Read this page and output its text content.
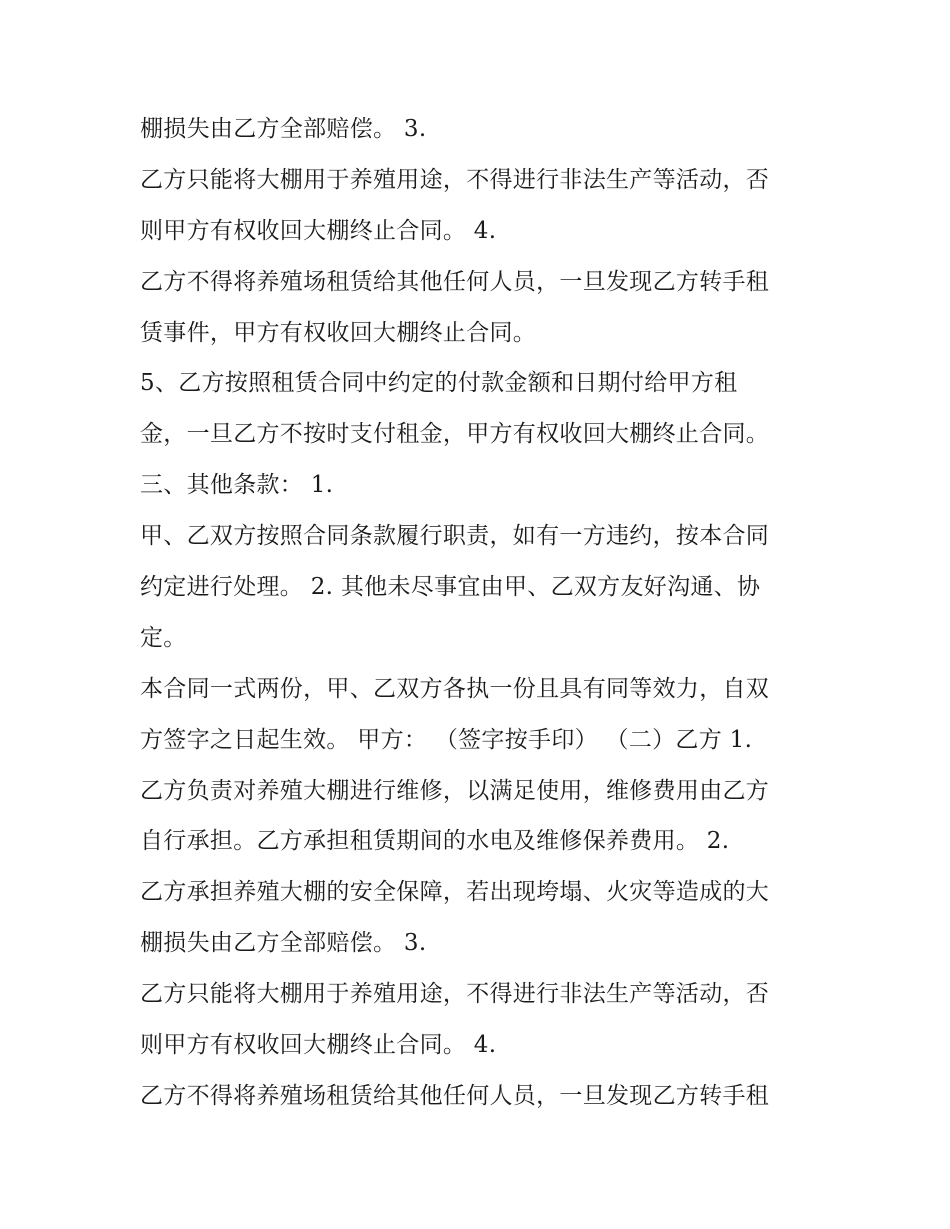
棚损失由乙方全部赔偿。 3.
乙方只能将大棚用于养殖用途，不得进行非法生产等活动，否
则甲方有权收回大棚终止合同。 4.
乙方不得将养殖场租赁给其他任何人员，一旦发现乙方转手租
赁事件，甲方有权收回大棚终止合同。
5、乙方按照租赁合同中约定的付款金额和日期付给甲方租
金，一旦乙方不按时支付租金，甲方有权收回大棚终止合同。
三、其他条款： 1.
甲、乙双方按照合同条款履行职责，如有一方违约，按本合同
约定进行处理。 2. 其他未尽事宜由甲、乙双方友好沟通、协
定。
本合同一式两份，甲、乙双方各执一份且具有同等效力，自双
方签字之日起生效。 甲方： （签字按手印） （二）乙方 1.
乙方负责对养殖大棚进行维修，以满足使用，维修费用由乙方
自行承担。乙方承担租赁期间的水电及维修保养费用。 2.
乙方承担养殖大棚的安全保障，若出现垮塌、火灾等造成的大
棚损失由乙方全部赔偿。 3.
乙方只能将大棚用于养殖用途，不得进行非法生产等活动，否
则甲方有权收回大棚终止合同。 4.
乙方不得将养殖场租赁给其他任何人员，一旦发现乙方转手租
